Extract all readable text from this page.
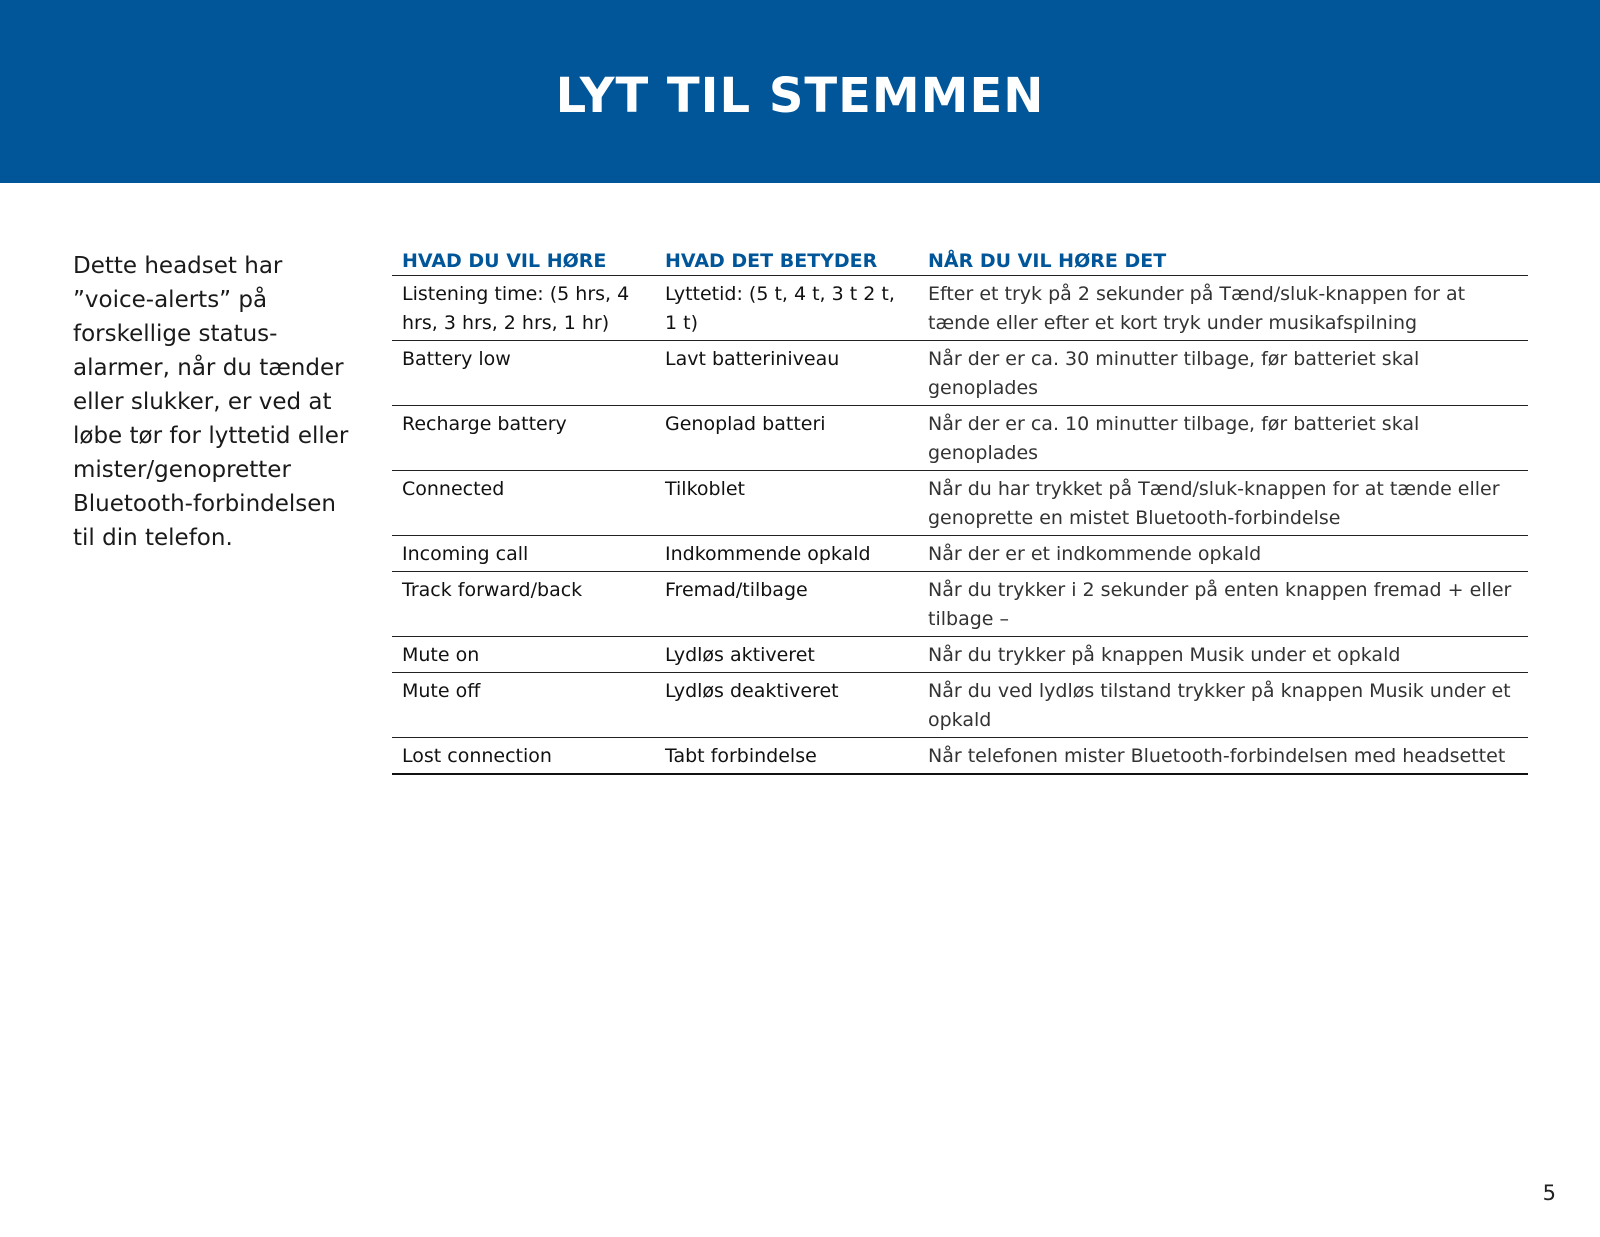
LYT TIL STEMMEN

Dette headset har ”voice-alerts” på forskellige status-alarmer, når du tænder eller slukker, er ved at løbe tør for lyttetid eller mister/genopretter Bluetooth-forbindelsen til din telefon.

HVAD DU VIL HØRE	HVAD DET BETYDER	NÅR DU VIL HØRE DET
Listening time: (5 hrs, 4 hrs, 3 hrs, 2 hrs, 1 hr)	Lyttetid: (5 t, 4 t, 3 t 2 t, 1 t)	Efter et tryk på 2 sekunder på Tænd/sluk-knappen for at tænde eller efter et kort tryk under musikafspilning
Battery low	Lavt batteriniveau	Når der er ca. 30 minutter tilbage, før batteriet skal genoplades
Recharge battery	Genoplad batteri	Når der er ca. 10 minutter tilbage, før batteriet skal genoplades
Connected	Tilkoblet	Når du har trykket på Tænd/sluk-knappen for at tænde eller genoprette en mistet Bluetooth-forbindelse
Incoming call	Indkommende opkald	Når der er et indkommende opkald
Track forward/back	Fremad/tilbage	Når du trykker i 2 sekunder på enten knappen fremad + eller tilbage –
Mute on	Lydløs aktiveret	Når du trykker på knappen Musik under et opkald
Mute off	Lydløs deaktiveret	Når du ved lydløs tilstand trykker på knappen Musik under et opkald
Lost connection	Tabt forbindelse	Når telefonen mister Bluetooth-forbindelsen med headsettet
5
